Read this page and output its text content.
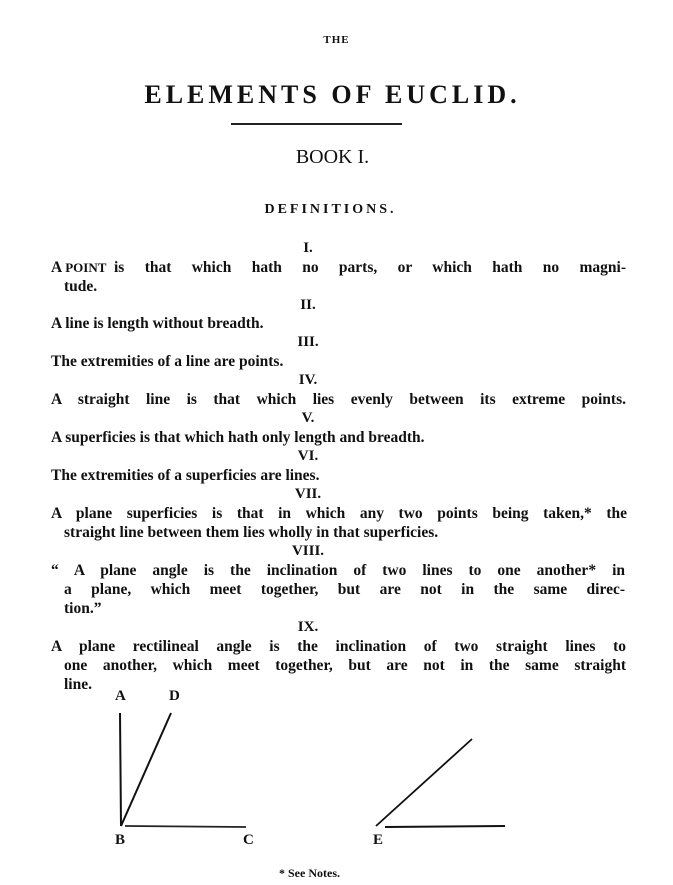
THE
ELEMENTS OF EUCLID.
BOOK I.
DEFINITIONS.
I.
A POINT is that which hath no parts, or which hath no magni-
tude.
II.
A line is length without breadth.
III.
The extremities of a line are points.
IV.
A straight line is that which lies evenly between its extreme points.
V.
A superficies is that which hath only length and breadth.
VI.
The extremities of a superficies are lines.
VII.
A plane superficies is that in which any two points being taken,* the
straight line between them lies wholly in that superficies.
VIII.
“ A plane angle is the inclination of two lines to one another* in
a plane, which meet together, but are not in the same direc-
tion.”
IX.
A plane rectilineal angle is the inclination of two straight lines to
one another, which meet together, but are not in the same straight
line.
A	D
B	C	E
* See Notes.
